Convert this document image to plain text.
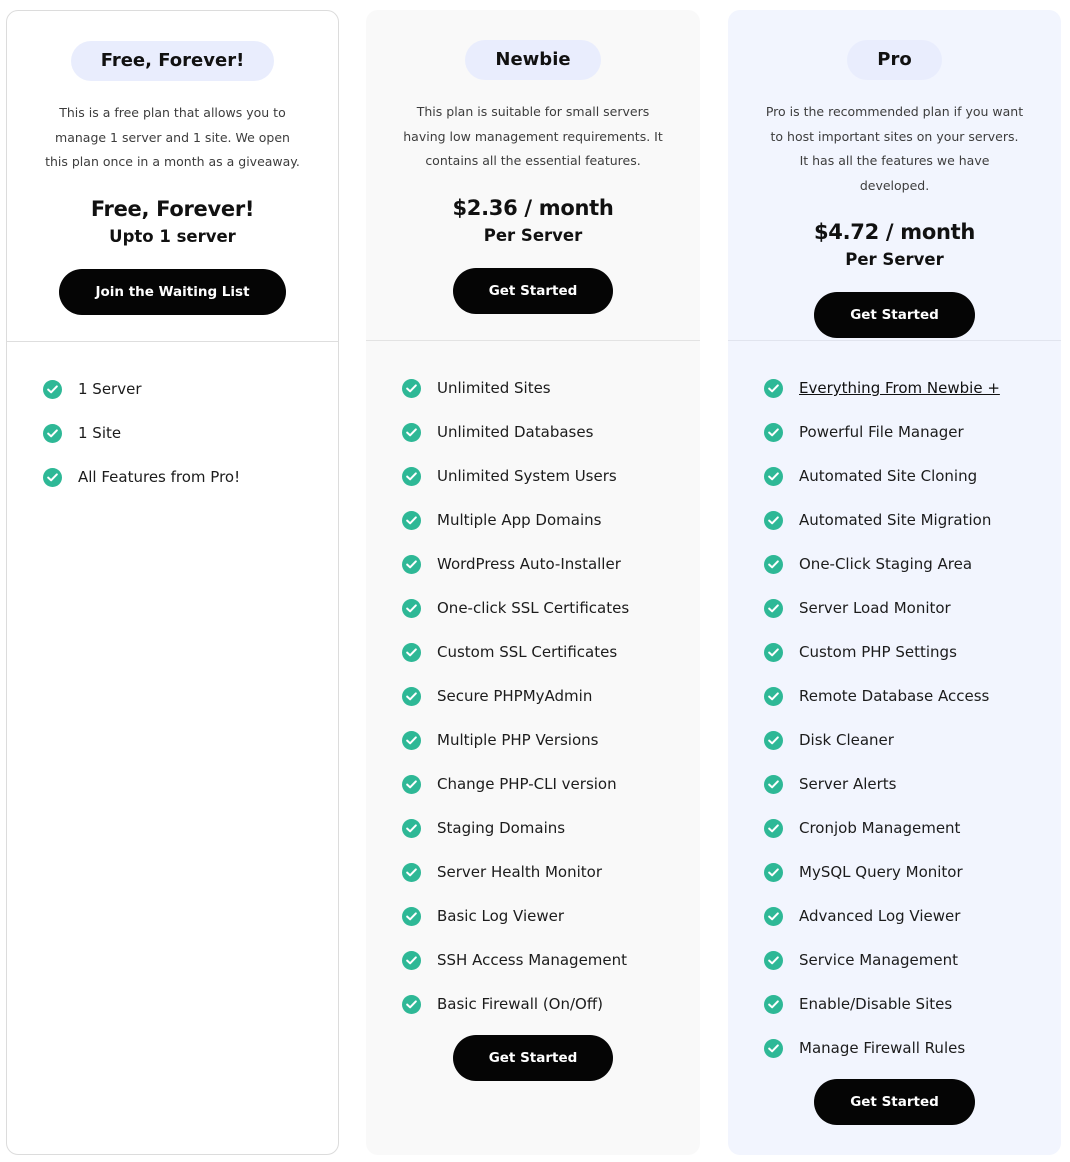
Free, Forever!

This is a free plan that allows you to manage 1 server and 1 site. We open this plan once in a month as a giveaway.

Free, Forever!
Upto 1 server
Join the Waiting List
1 Server
1 Site
All Features from Pro!
Newbie

This plan is suitable for small servers having low management requirements. It contains all the essential features.

$2.36 / month
Per Server
Get Started
Unlimited Sites
Unlimited Databases
Unlimited System Users
Multiple App Domains
WordPress Auto-Installer
One-click SSL Certificates
Custom SSL Certificates
Secure PHPMyAdmin
Multiple PHP Versions
Change PHP-CLI version
Staging Domains
Server Health Monitor
Basic Log Viewer
SSH Access Management
Basic Firewall (On/Off)
Get Started
Pro

Pro is the recommended plan if you want to host important sites on your servers. It has all the features we have developed.

$4.72 / month
Per Server
Get Started
Everything From Newbie +
Powerful File Manager
Automated Site Cloning
Automated Site Migration
One-Click Staging Area
Server Load Monitor
Custom PHP Settings
Remote Database Access
Disk Cleaner
Server Alerts
Cronjob Management
MySQL Query Monitor
Advanced Log Viewer
Service Management
Enable/Disable Sites
Manage Firewall Rules
Get Started
